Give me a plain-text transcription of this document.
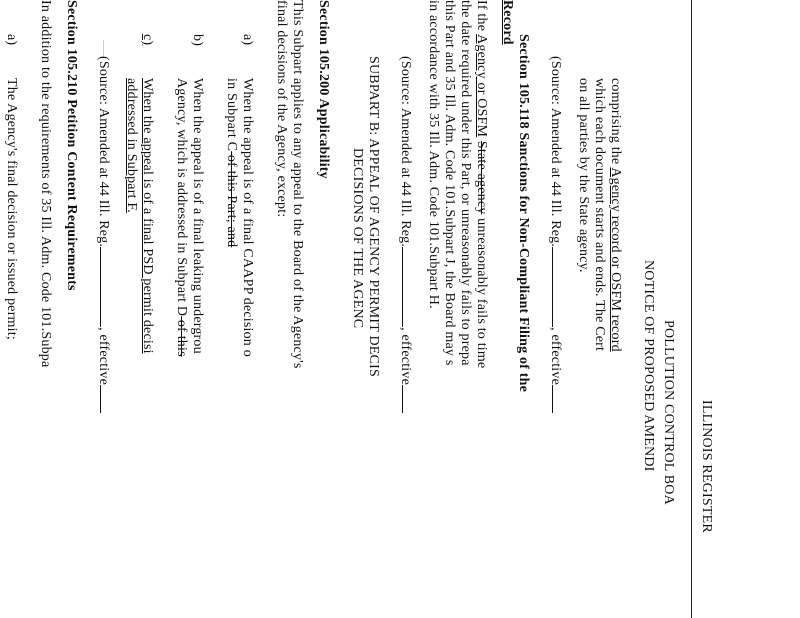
ILLINOIS REGISTER
POLLUTION CONTROL BOA
NOTICE OF PROPOSED AMENDI
comprising the Agency record or OSFM record
which each document starts and ends. The Cert
on all parties by the State agency.
(Source: Amended at 44 Ill. Reg., effective
Section 105.118 Sanctions for Non-Compliant Filing of the
Record
If the Agency or OSFM State agency unreasonably fails to time
the date required under this Part, or unreasonably fails to prepa
this Part and 35 Ill. Adm. Code 101.Subpart J, the Board may s
in accordance with 35 Ill. Adm. Code 101.Subpart H.
(Source: Amended at 44 Ill. Reg., effective
SUBPART B: APPEAL OF AGENCY PERMIT DECIS
DECISIONS OF THE AGENC
Section 105.200 Applicability
This Subpart applies to any appeal to the Board of the Agency's
final decisions of the Agency, except:
a)
When the appeal is of a final CAAPP decision o
in Subpart C of this Part; and
b)
When the appeal is of a final leaking undergrou
Agency, which is addressed in Subpart D of this
c)
When the appeal is of a final PSD permit decisi
addressed in Subpart F.
(Source: Amended at 44 Ill. Reg., effective
Section 105.210 Petition Content Requirements
In addition to the requirements of 35 Ill. Adm. Code 101.Subpa
a)
The Agency's final decision or issued permit;
